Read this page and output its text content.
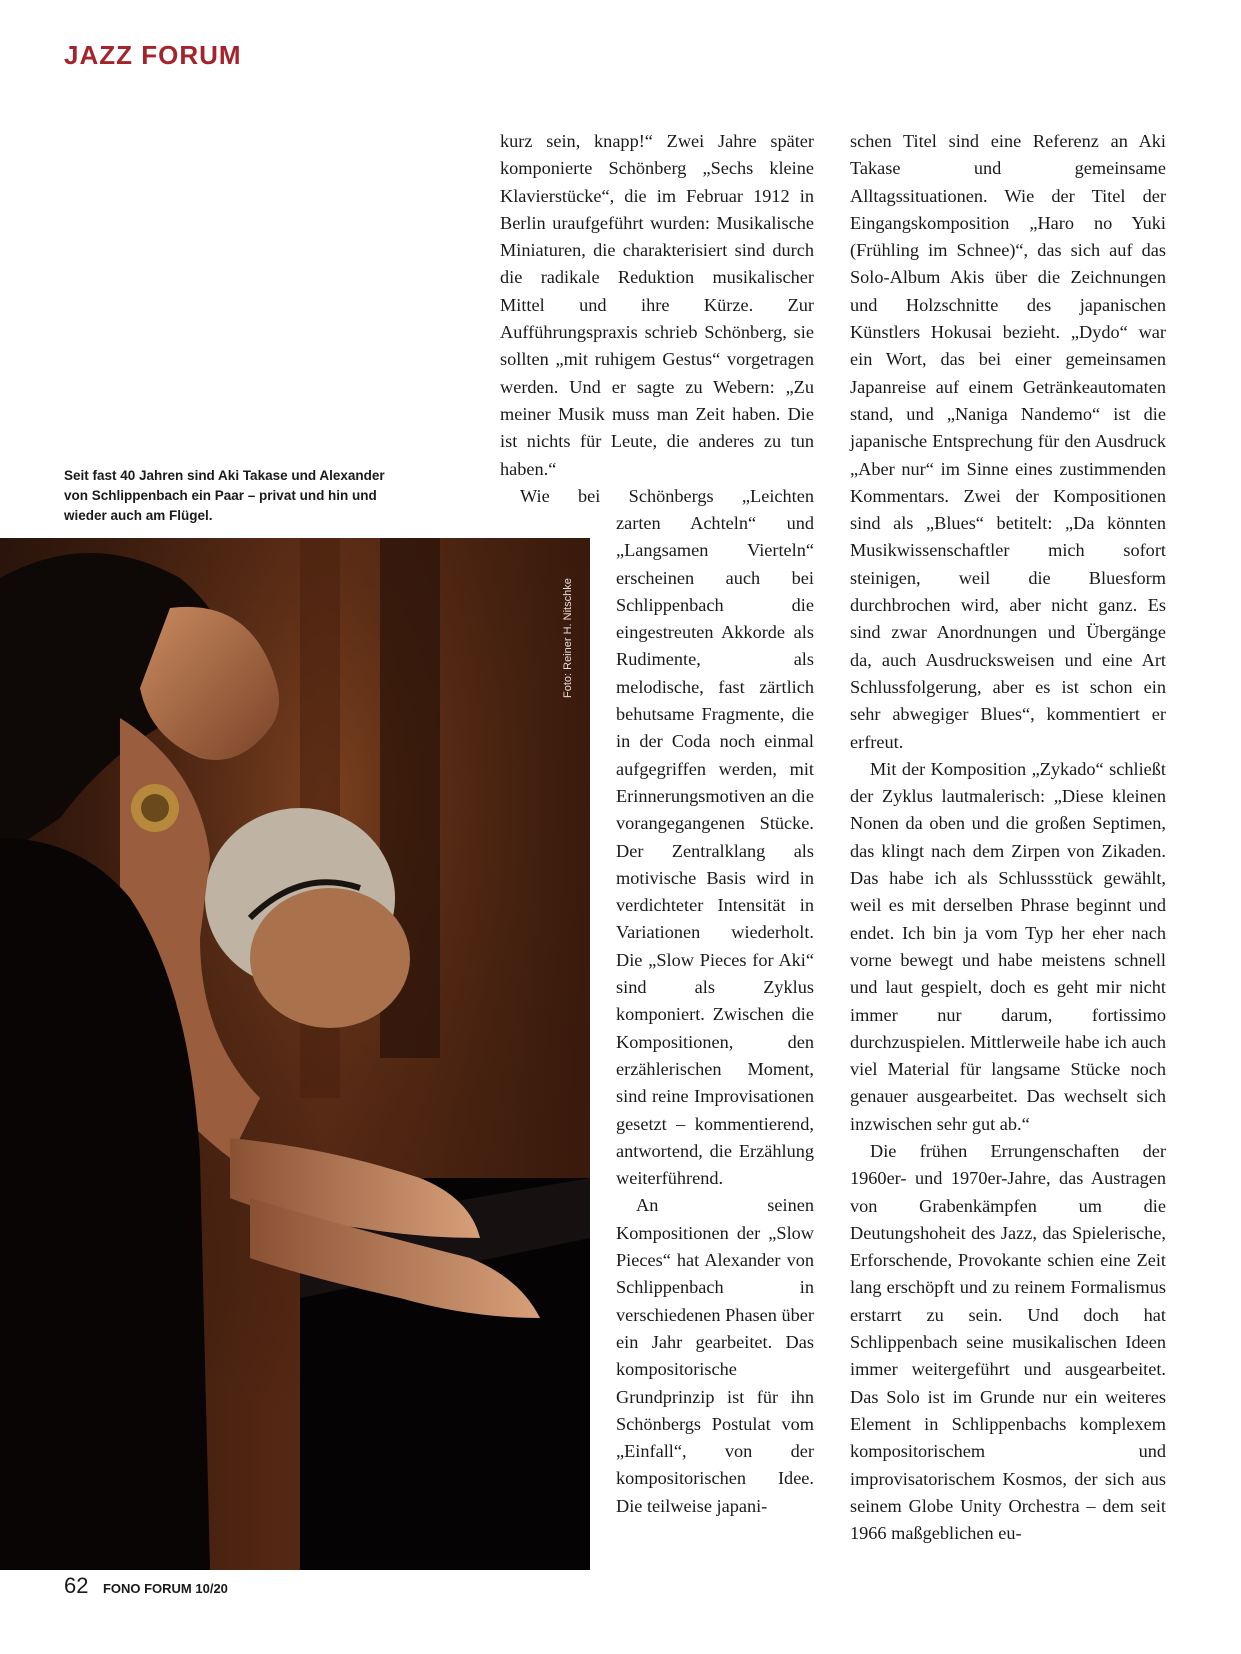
JAZZ FORUM
Seit fast 40 Jahren sind Aki Takase und Alexander von Schlippenbach ein Paar – privat und hin und wieder auch am Flügel.
Foto: Reiner H. Nitschke

kurz sein, knapp!“ Zwei Jahre später komponierte Schönberg „Sechs kleine Klavierstücke“, die im Februar 1912 in Berlin uraufgeführt wurden: Musikalische Miniaturen, die charakterisiert sind durch die radikale Reduktion musikalischer Mittel und ihre Kürze. Zur Aufführungspraxis schrieb Schönberg, sie sollten „mit ruhigem Gestus“ vorgetragen werden. Und er sagte zu Webern: „Zu meiner Musik muss man Zeit haben. Die ist nichts für Leute, die anderes zu tun haben.“

Wie bei Schönbergs „Leichten

zarten Achteln“ und „Langsamen Vierteln“ erscheinen auch bei Schlippenbach die eingestreuten Akkorde als Rudimente, als melodische, fast zärtlich behutsame Fragmente, die in der Coda noch einmal aufgegriffen werden, mit Erinnerungsmotiven an die vorangegangenen Stücke. Der Zentralklang als motivische Basis wird in verdichteter Intensität in Variationen wiederholt. Die „Slow Pieces for Aki“ sind als Zyklus komponiert. Zwischen die Kompositionen, den erzählerischen Moment, sind reine Improvisationen gesetzt – kommentierend, antwortend, die Erzählung weiterführend.

An seinen Kompositionen der „Slow Pieces“ hat Alexander von Schlippenbach in verschiedenen Phasen über ein Jahr gearbeitet. Das kompositorische Grundprinzip ist für ihn Schönbergs Postulat vom „Einfall“, von der kompositorischen Idee. Die teilweise japani-

schen Titel sind eine Referenz an Aki Takase und gemeinsame Alltagssituationen. Wie der Titel der Eingangskomposition „Haro no Yuki (Frühling im Schnee)“, das sich auf das Solo-Album Akis über die Zeichnungen und Holzschnitte des japanischen Künstlers Hokusai bezieht. „Dydo“ war ein Wort, das bei einer gemeinsamen Japanreise auf einem Getränkeautomaten stand, und „Naniga Nandemo“ ist die japanische Entsprechung für den Ausdruck „Aber nur“ im Sinne eines zustimmenden Kommentars. Zwei der Kompositionen sind als „Blues“ betitelt: „Da könnten Musikwissenschaftler mich sofort steinigen, weil die Bluesform durchbrochen wird, aber nicht ganz. Es sind zwar Anordnungen und Übergänge da, auch Ausdrucksweisen und eine Art Schlussfolgerung, aber es ist schon ein sehr abwegiger Blues“, kommentiert er erfreut.

Mit der Komposition „Zykado“ schließt der Zyklus lautmalerisch: „Diese kleinen Nonen da oben und die großen Septimen, das klingt nach dem Zirpen von Zikaden. Das habe ich als Schlussstück gewählt, weil es mit derselben Phrase beginnt und endet. Ich bin ja vom Typ her eher nach vorne bewegt und habe meistens schnell und laut gespielt, doch es geht mir nicht immer nur darum, fortissimo durchzuspielen. Mittlerweile habe ich auch viel Material für langsame Stücke noch genauer ausgearbeitet. Das wechselt sich inzwischen sehr gut ab.“

Die frühen Errungenschaften der 1960er- und 1970er-Jahre, das Austragen von Grabenkämpfen um die Deutungshoheit des Jazz, das Spielerische, Erforschende, Provokante schien eine Zeit lang erschöpft und zu reinem Formalismus erstarrt zu sein. Und doch hat Schlippenbach seine musikalischen Ideen immer weitergeführt und ausgearbeitet. Das Solo ist im Grunde nur ein weiteres Element in Schlippenbachs komplexem kompositorischem und improvisatorischem Kosmos, der sich aus seinem Globe Unity Orchestra – dem seit 1966 maßgeblichen eu-

62 FONO FORUM 10/20
